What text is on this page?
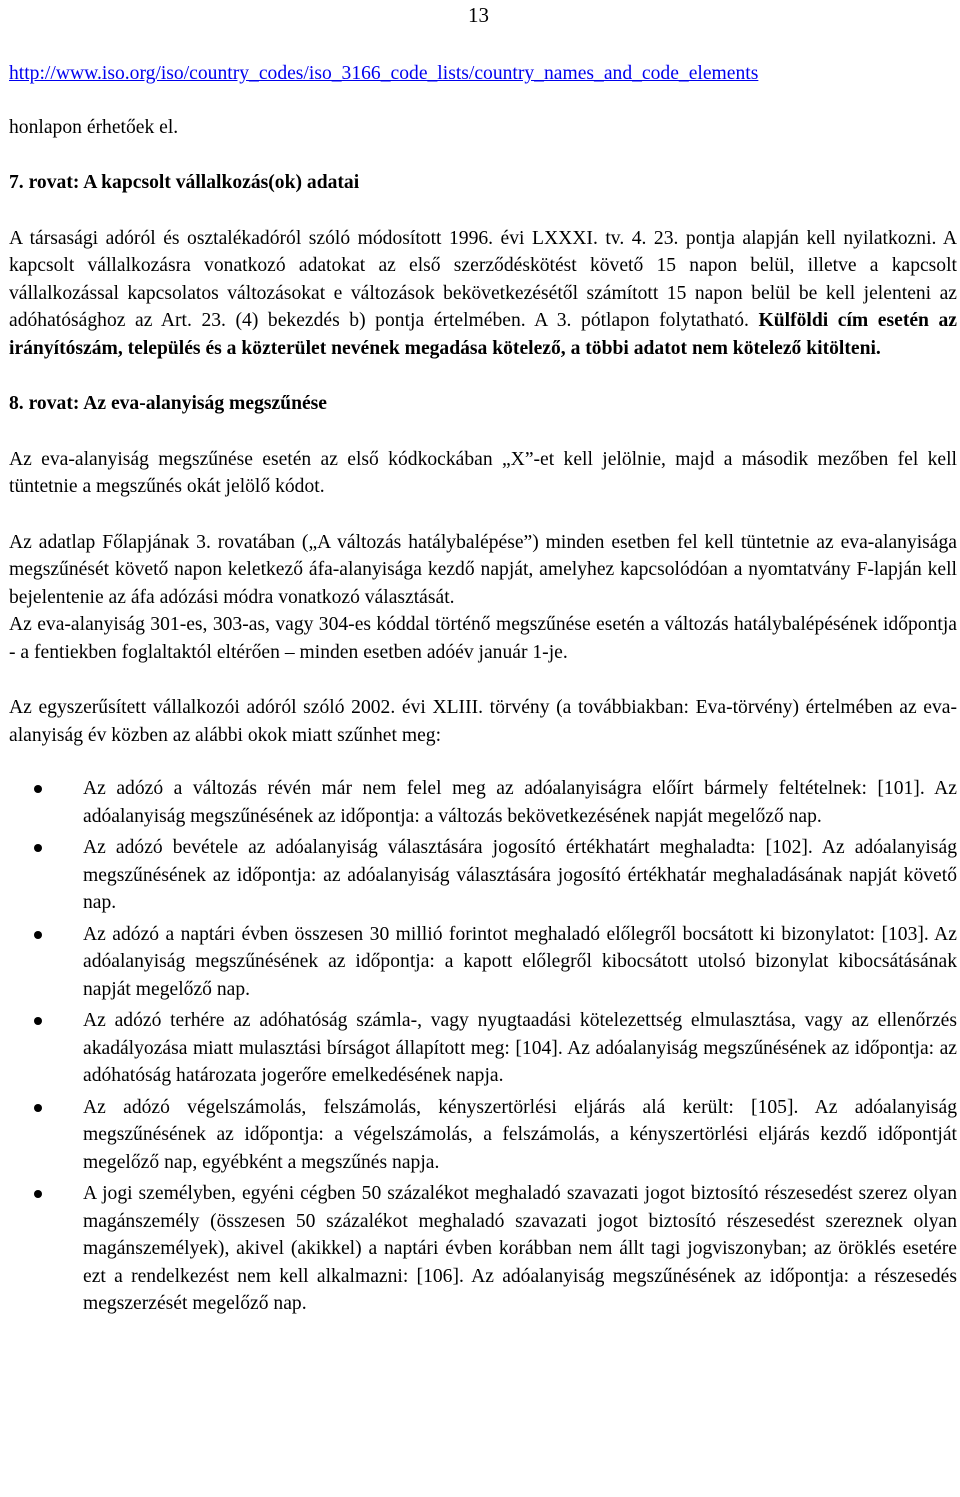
13
http://www.iso.org/iso/country_codes/iso_3166_code_lists/country_names_and_code_elements

honlapon érhetőek el.

7. rovat: A kapcsolt vállalkozás(ok) adatai

A társasági adóról és osztalékadóról szóló módosított 1996. évi LXXXI. tv. 4. 23. pontja alapján kell nyilatkozni. A kapcsolt vállalkozásra vonatkozó adatokat az első szerződéskötést követő 15 napon belül, illetve a kapcsolt vállalkozással kapcsolatos változásokat e változások bekövetkezésétől számított 15 napon belül be kell jelenteni az adóhatósághoz az Art. 23. (4) bekezdés b) pontja értelmében. A 3. pótlapon folytatható. Külföldi cím esetén az irányítószám, település és a közterület nevének megadása kötelező, a többi adatot nem kötelező kitölteni.

8. rovat: Az eva-alanyiság megszűnése

Az eva-alanyiság megszűnése esetén az első kódkockában „X”-et kell jelölnie, majd a második mezőben fel kell tüntetnie a megszűnés okát jelölő kódot.

Az adatlap Főlapjának 3. rovatában („A változás hatálybalépése”) minden esetben fel kell tüntetnie az eva-alanyisága megszűnését követő napon keletkező áfa-alanyisága kezdő napját, amelyhez kapcsolódóan a nyomtatvány F-lapján kell bejelentenie az áfa adózási módra vonatkozó választását.

Az eva-alanyiság 301-es, 303-as, vagy 304-es kóddal történő megszűnése esetén a változás hatálybalépésének időpontja - a fentiekben foglaltaktól eltérően – minden esetben adóév január 1-je.

Az egyszerűsített vállalkozói adóról szóló 2002. évi XLIII. törvény (a továbbiakban: Eva-törvény) értelmében az eva-alanyiság év közben az alábbi okok miatt szűnhet meg:

Az adózó a változás révén már nem felel meg az adóalanyiságra előírt bármely feltételnek: [101]. Az adóalanyiság megszűnésének az időpontja: a változás bekövetkezésének napját megelőző nap.
Az adózó bevétele az adóalanyiság választására jogosító értékhatárt meghaladta: [102]. Az adóalanyiság megszűnésének az időpontja: az adóalanyiság választására jogosító értékhatár meghaladásának napját követő nap.
Az adózó a naptári évben összesen 30 millió forintot meghaladó előlegről bocsátott ki bizonylatot: [103]. Az adóalanyiság megszűnésének az időpontja: a kapott előlegről kibocsátott utolsó bizonylat kibocsátásának napját megelőző nap.
Az adózó terhére az adóhatóság számla-, vagy nyugtaadási kötelezettség elmulasztása, vagy az ellenőrzés akadályozása miatt mulasztási bírságot állapított meg: [104]. Az adóalanyiság megszűnésének az időpontja: az adóhatóság határozata jogerőre emelkedésének napja.
Az adózó végelszámolás, felszámolás, kényszertörlési eljárás alá került: [105]. Az adóalanyiság megszűnésének az időpontja: a végelszámolás, a felszámolás, a kényszertörlési eljárás kezdő időpontját megelőző nap, egyébként a megszűnés napja.
A jogi személyben, egyéni cégben 50 százalékot meghaladó szavazati jogot biztosító részesedést szerez olyan magánszemély (összesen 50 százalékot meghaladó szavazati jogot biztosító részesedést szereznek olyan magánszemélyek), akivel (akikkel) a naptári évben korábban nem állt tagi jogviszonyban; az öröklés esetére ezt a rendelkezést nem kell alkalmazni: [106]. Az adóalanyiság megszűnésének az időpontja: a részesedés megszerzését megelőző nap.
